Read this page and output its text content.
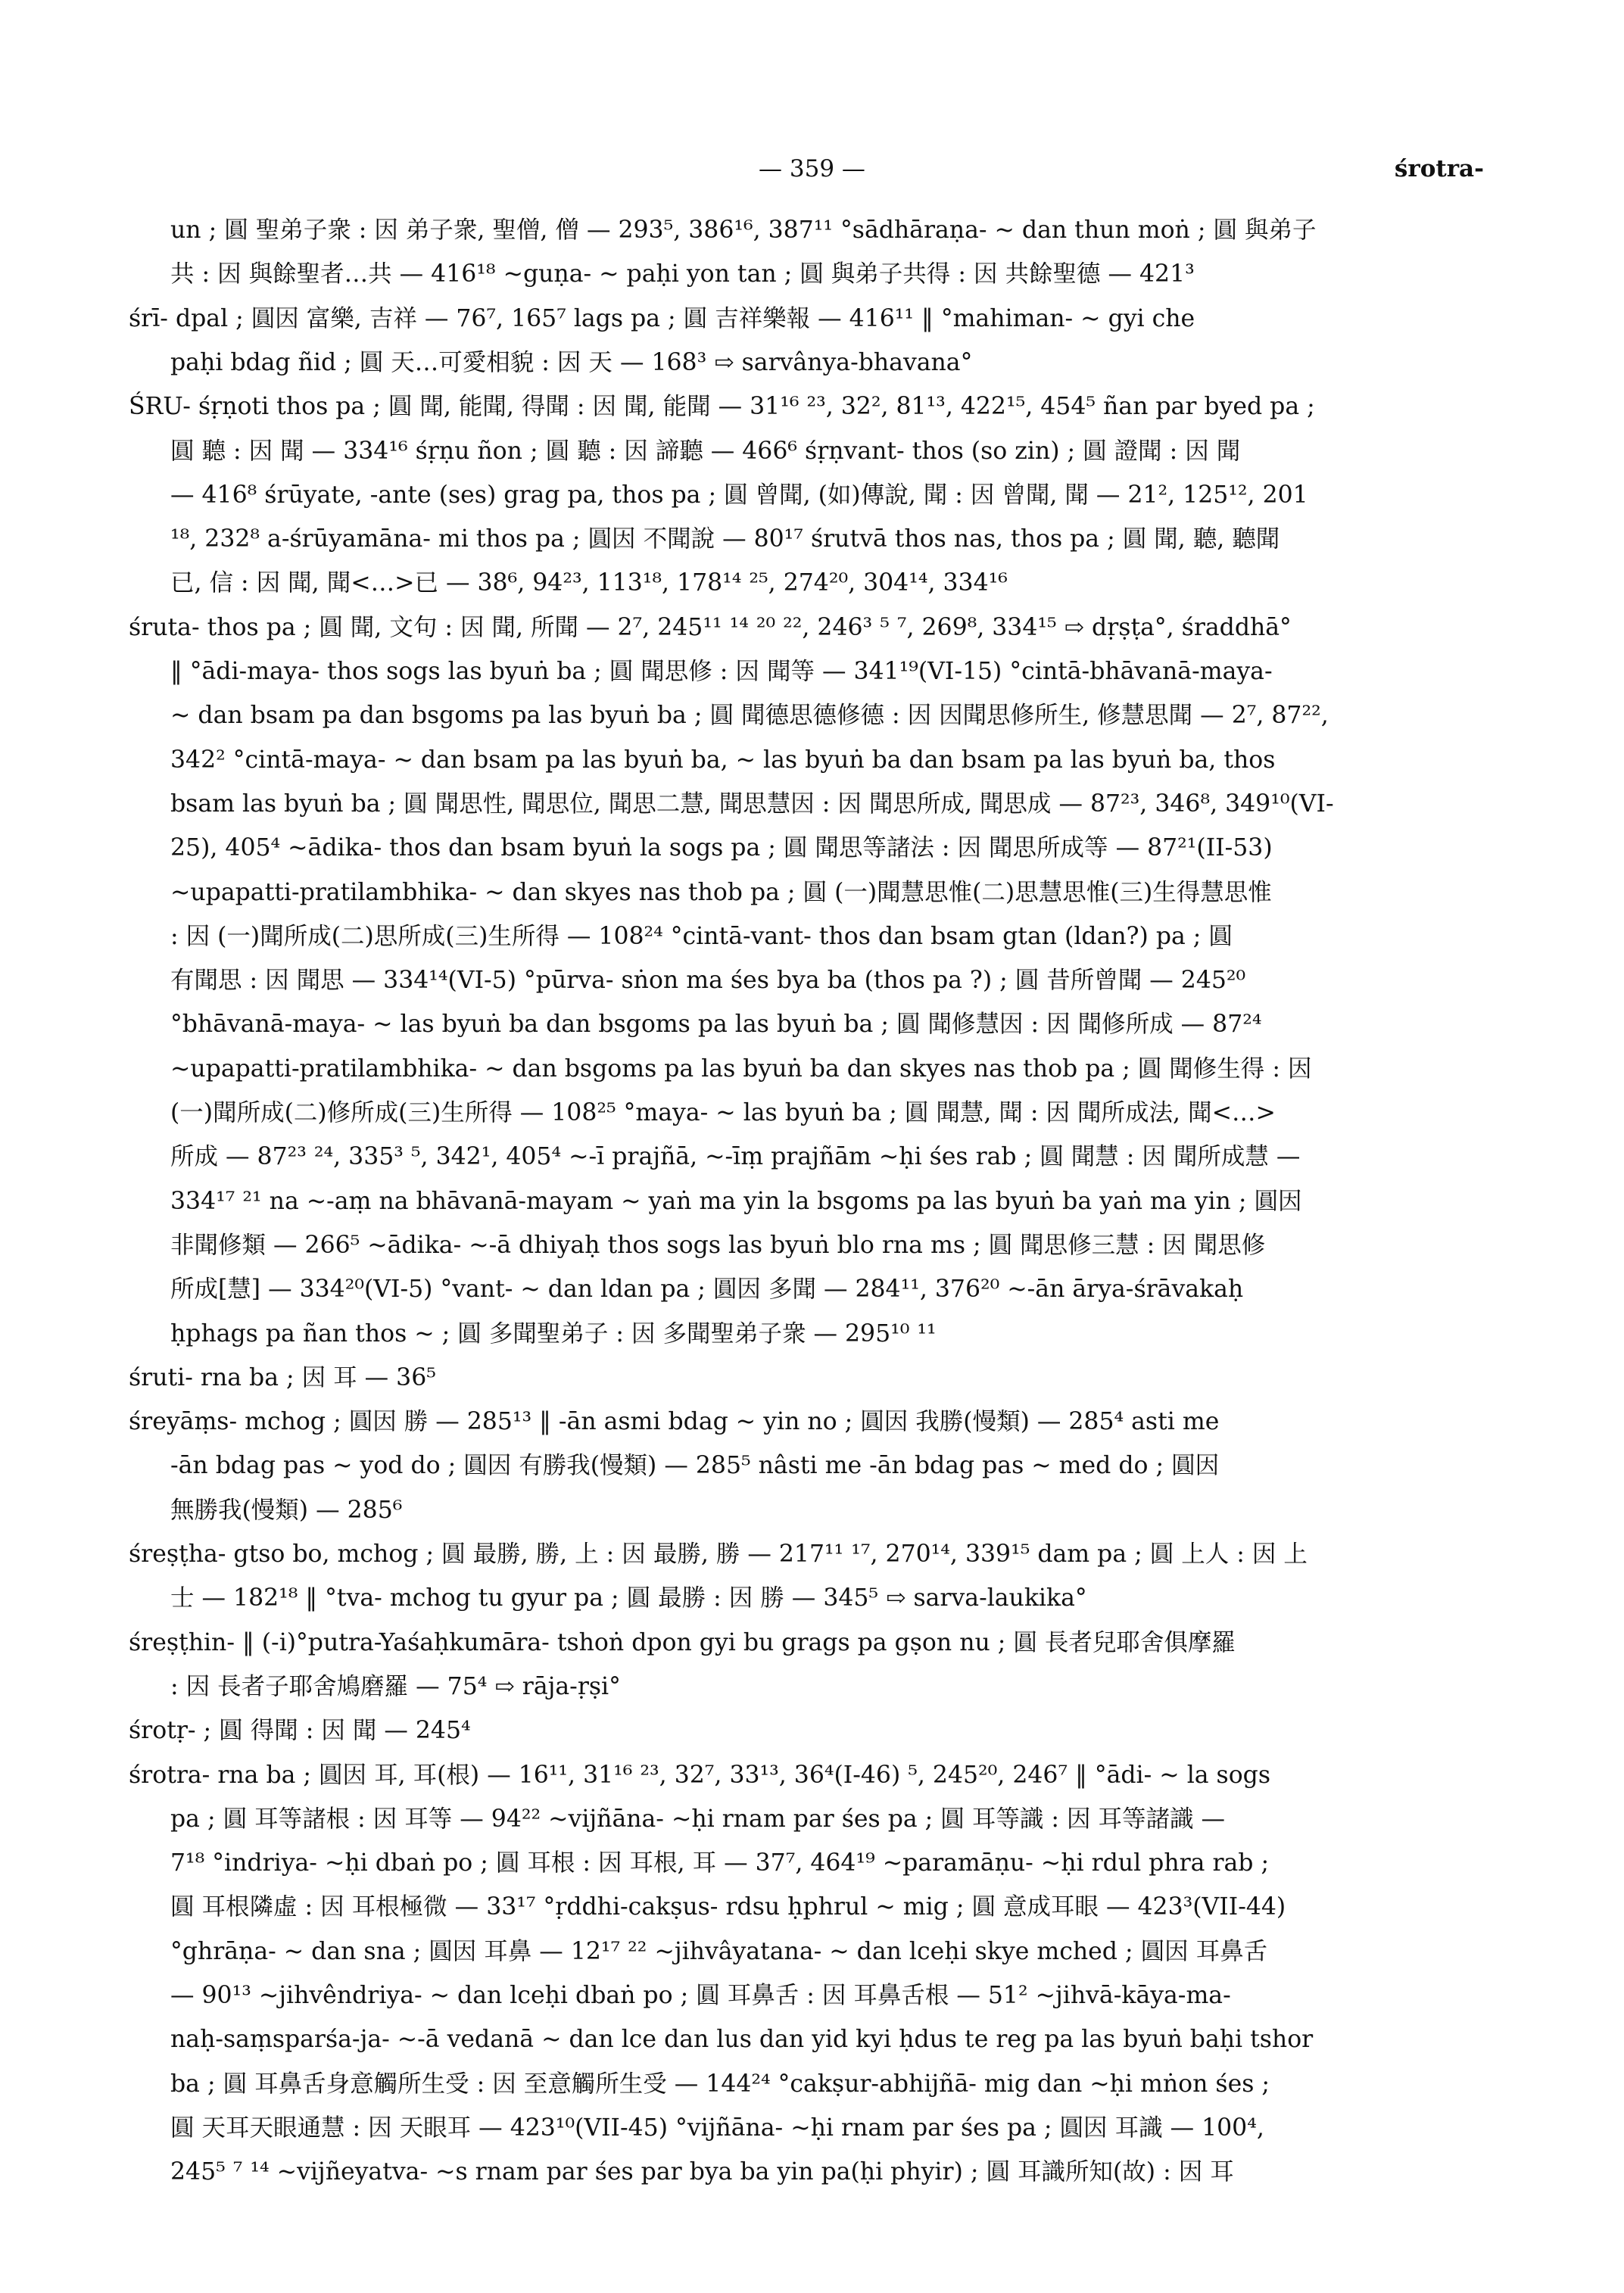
— 359 —	śrotra-
un ; 圓 聖弟子衆 : 因 弟子衆, 聖僧, 僧 — 293⁵, 386¹⁶, 387¹¹ °sādhāraṇa- ~ dan thun moṅ ; 圓 與弟子
共 : 因 與餘聖者…共 — 416¹⁸ ~guṇa- ~ paḥi yon tan ; 圓 與弟子共得 : 因 共餘聖德 — 421³
śrī- dpal ; 圓因 富樂, 吉祥 — 76⁷, 165⁷ lags pa ; 圓 吉祥樂報 — 416¹¹ ‖ °mahiman- ~ gyi che
paḥi bdag ñid ; 圓 天…可愛相貌 : 因 天 — 168³ ⇨ sarvânya-bhavana°
ŚRU- śṛṇoti thos pa ; 圓 聞, 能聞, 得聞 : 因 聞, 能聞 — 31¹⁶ ²³, 32², 81¹³, 422¹⁵, 454⁵ ñan par byed pa ;
圓 聽 : 因 聞 — 334¹⁶ śṛṇu ñon ; 圓 聽 : 因 諦聽 — 466⁶ śṛṇvant- thos (so zin) ; 圓 證聞 : 因 聞
— 416⁸ śrūyate, -ante (ses) grag pa, thos pa ; 圓 曾聞, (如)傳說, 聞 : 因 曾聞, 聞 — 21², 125¹², 201
¹⁸, 232⁸ a-śrūyamāna- mi thos pa ; 圓因 不聞說 — 80¹⁷ śrutvā thos nas, thos pa ; 圓 聞, 聽, 聽聞
已, 信 : 因 聞, 聞<…>已 — 38⁶, 94²³, 113¹⁸, 178¹⁴ ²⁵, 274²⁰, 304¹⁴, 334¹⁶
śruta- thos pa ; 圓 聞, 文句 : 因 聞, 所聞 — 2⁷, 245¹¹ ¹⁴ ²⁰ ²², 246³ ⁵ ⁷, 269⁸, 334¹⁵ ⇨ dṛṣṭa°, śraddhā°
‖ °ādi-maya- thos sogs las byuṅ ba ; 圓 聞思修 : 因 聞等 — 341¹⁹(VI-15) °cintā-bhāvanā-maya-
~ dan bsam pa dan bsgoms pa las byuṅ ba ; 圓 聞德思德修德 : 因 因聞思修所生, 修慧思聞 — 2⁷, 87²²,
342² °cintā-maya- ~ dan bsam pa las byuṅ ba, ~ las byuṅ ba dan bsam pa las byuṅ ba, thos
bsam las byuṅ ba ; 圓 聞思性, 聞思位, 聞思二慧, 聞思慧因 : 因 聞思所成, 聞思成 — 87²³, 346⁸, 349¹⁰(VI-
25), 405⁴ ~ādika- thos dan bsam byuṅ la sogs pa ; 圓 聞思等諸法 : 因 聞思所成等 — 87²¹(II-53)
~upapatti-pratilambhika- ~ dan skyes nas thob pa ; 圓 (一)聞慧思惟(二)思慧思惟(三)生得慧思惟
: 因 (一)聞所成(二)思所成(三)生所得 — 108²⁴ °cintā-vant- thos dan bsam gtan (ldan?) pa ; 圓
有聞思 : 因 聞思 — 334¹⁴(VI-5) °pūrva- sṅon ma śes bya ba (thos pa ?) ; 圓 昔所曾聞 — 245²⁰
°bhāvanā-maya- ~ las byuṅ ba dan bsgoms pa las byuṅ ba ; 圓 聞修慧因 : 因 聞修所成 — 87²⁴
~upapatti-pratilambhika- ~ dan bsgoms pa las byuṅ ba dan skyes nas thob pa ; 圓 聞修生得 : 因
(一)聞所成(二)修所成(三)生所得 — 108²⁵ °maya- ~ las byuṅ ba ; 圓 聞慧, 聞 : 因 聞所成法, 聞<…>
所成 — 87²³ ²⁴, 335³ ⁵, 342¹, 405⁴ ~-ī prajñā, ~-īṃ prajñām ~ḥi śes rab ; 圓 聞慧 : 因 聞所成慧 —
334¹⁷ ²¹ na ~-aṃ na bhāvanā-mayam ~ yaṅ ma yin la bsgoms pa las byuṅ ba yaṅ ma yin ; 圓因
非聞修類 — 266⁵ ~ādika- ~-ā dhiyaḥ thos sogs las byuṅ blo rna ms ; 圓 聞思修三慧 : 因 聞思修
所成[慧] — 334²⁰(VI-5) °vant- ~ dan ldan pa ; 圓因 多聞 — 284¹¹, 376²⁰ ~-ān ārya-śrāvakaḥ
ḥphags pa ñan thos ~ ; 圓 多聞聖弟子 : 因 多聞聖弟子衆 — 295¹⁰ ¹¹
śruti- rna ba ; 因 耳 — 36⁵
śreyāṃs- mchog ; 圓因 勝 — 285¹³ ‖ -ān asmi bdag ~ yin no ; 圓因 我勝(慢類) — 285⁴ asti me
-ān bdag pas ~ yod do ; 圓因 有勝我(慢類) — 285⁵ nâsti me -ān bdag pas ~ med do ; 圓因
無勝我(慢類) — 285⁶
śreṣṭha- gtso bo, mchog ; 圓 最勝, 勝, 上 : 因 最勝, 勝 — 217¹¹ ¹⁷, 270¹⁴, 339¹⁵ dam pa ; 圓 上人 : 因 上
士 — 182¹⁸ ‖ °tva- mchog tu gyur pa ; 圓 最勝 : 因 勝 — 345⁵ ⇨ sarva-laukika°
śreṣṭhin- ‖ (-i)°putra-Yaśaḥkumāra- tshoṅ dpon gyi bu grags pa gṣon nu ; 圓 長者兒耶舍俱摩羅
: 因 長者子耶舍鳩磨羅 — 75⁴ ⇨ rāja-ṛṣi°
śrotṛ- ; 圓 得聞 : 因 聞 — 245⁴
śrotra- rna ba ; 圓因 耳, 耳(根) — 16¹¹, 31¹⁶ ²³, 32⁷, 33¹³, 36⁴(I-46) ⁵, 245²⁰, 246⁷ ‖ °ādi- ~ la sogs
pa ; 圓 耳等諸根 : 因 耳等 — 94²² ~vijñāna- ~ḥi rnam par śes pa ; 圓 耳等識 : 因 耳等諸識 —
7¹⁸ °indriya- ~ḥi dbaṅ po ; 圓 耳根 : 因 耳根, 耳 — 37⁷, 464¹⁹ ~paramāṇu- ~ḥi rdul phra rab ;
圓 耳根隣虛 : 因 耳根極微 — 33¹⁷ °ṛddhi-cakṣus- rdsu ḥphrul ~ mig ; 圓 意成耳眼 — 423³(VII-44)
°ghrāṇa- ~ dan sna ; 圓因 耳鼻 — 12¹⁷ ²² ~jihvâyatana- ~ dan lceḥi skye mched ; 圓因 耳鼻舌
— 90¹³ ~jihvêndriya- ~ dan lceḥi dbaṅ po ; 圓 耳鼻舌 : 因 耳鼻舌根 — 51² ~jihvā-kāya-ma-
naḥ-saṃsparśa-ja- ~-ā vedanā ~ dan lce dan lus dan yid kyi ḥdus te reg pa las byuṅ baḥi tshor
ba ; 圓 耳鼻舌身意觸所生受 : 因 至意觸所生受 — 144²⁴ °cakṣur-abhijñā- mig dan ~ḥi mṅon śes ;
圓 天耳天眼通慧 : 因 天眼耳 — 423¹⁰(VII-45) °vijñāna- ~ḥi rnam par śes pa ; 圓因 耳識 — 100⁴,
245⁵ ⁷ ¹⁴ ~vijñeyatva- ~s rnam par śes par bya ba yin pa(ḥi phyir) ; 圓 耳識所知(故) : 因 耳
